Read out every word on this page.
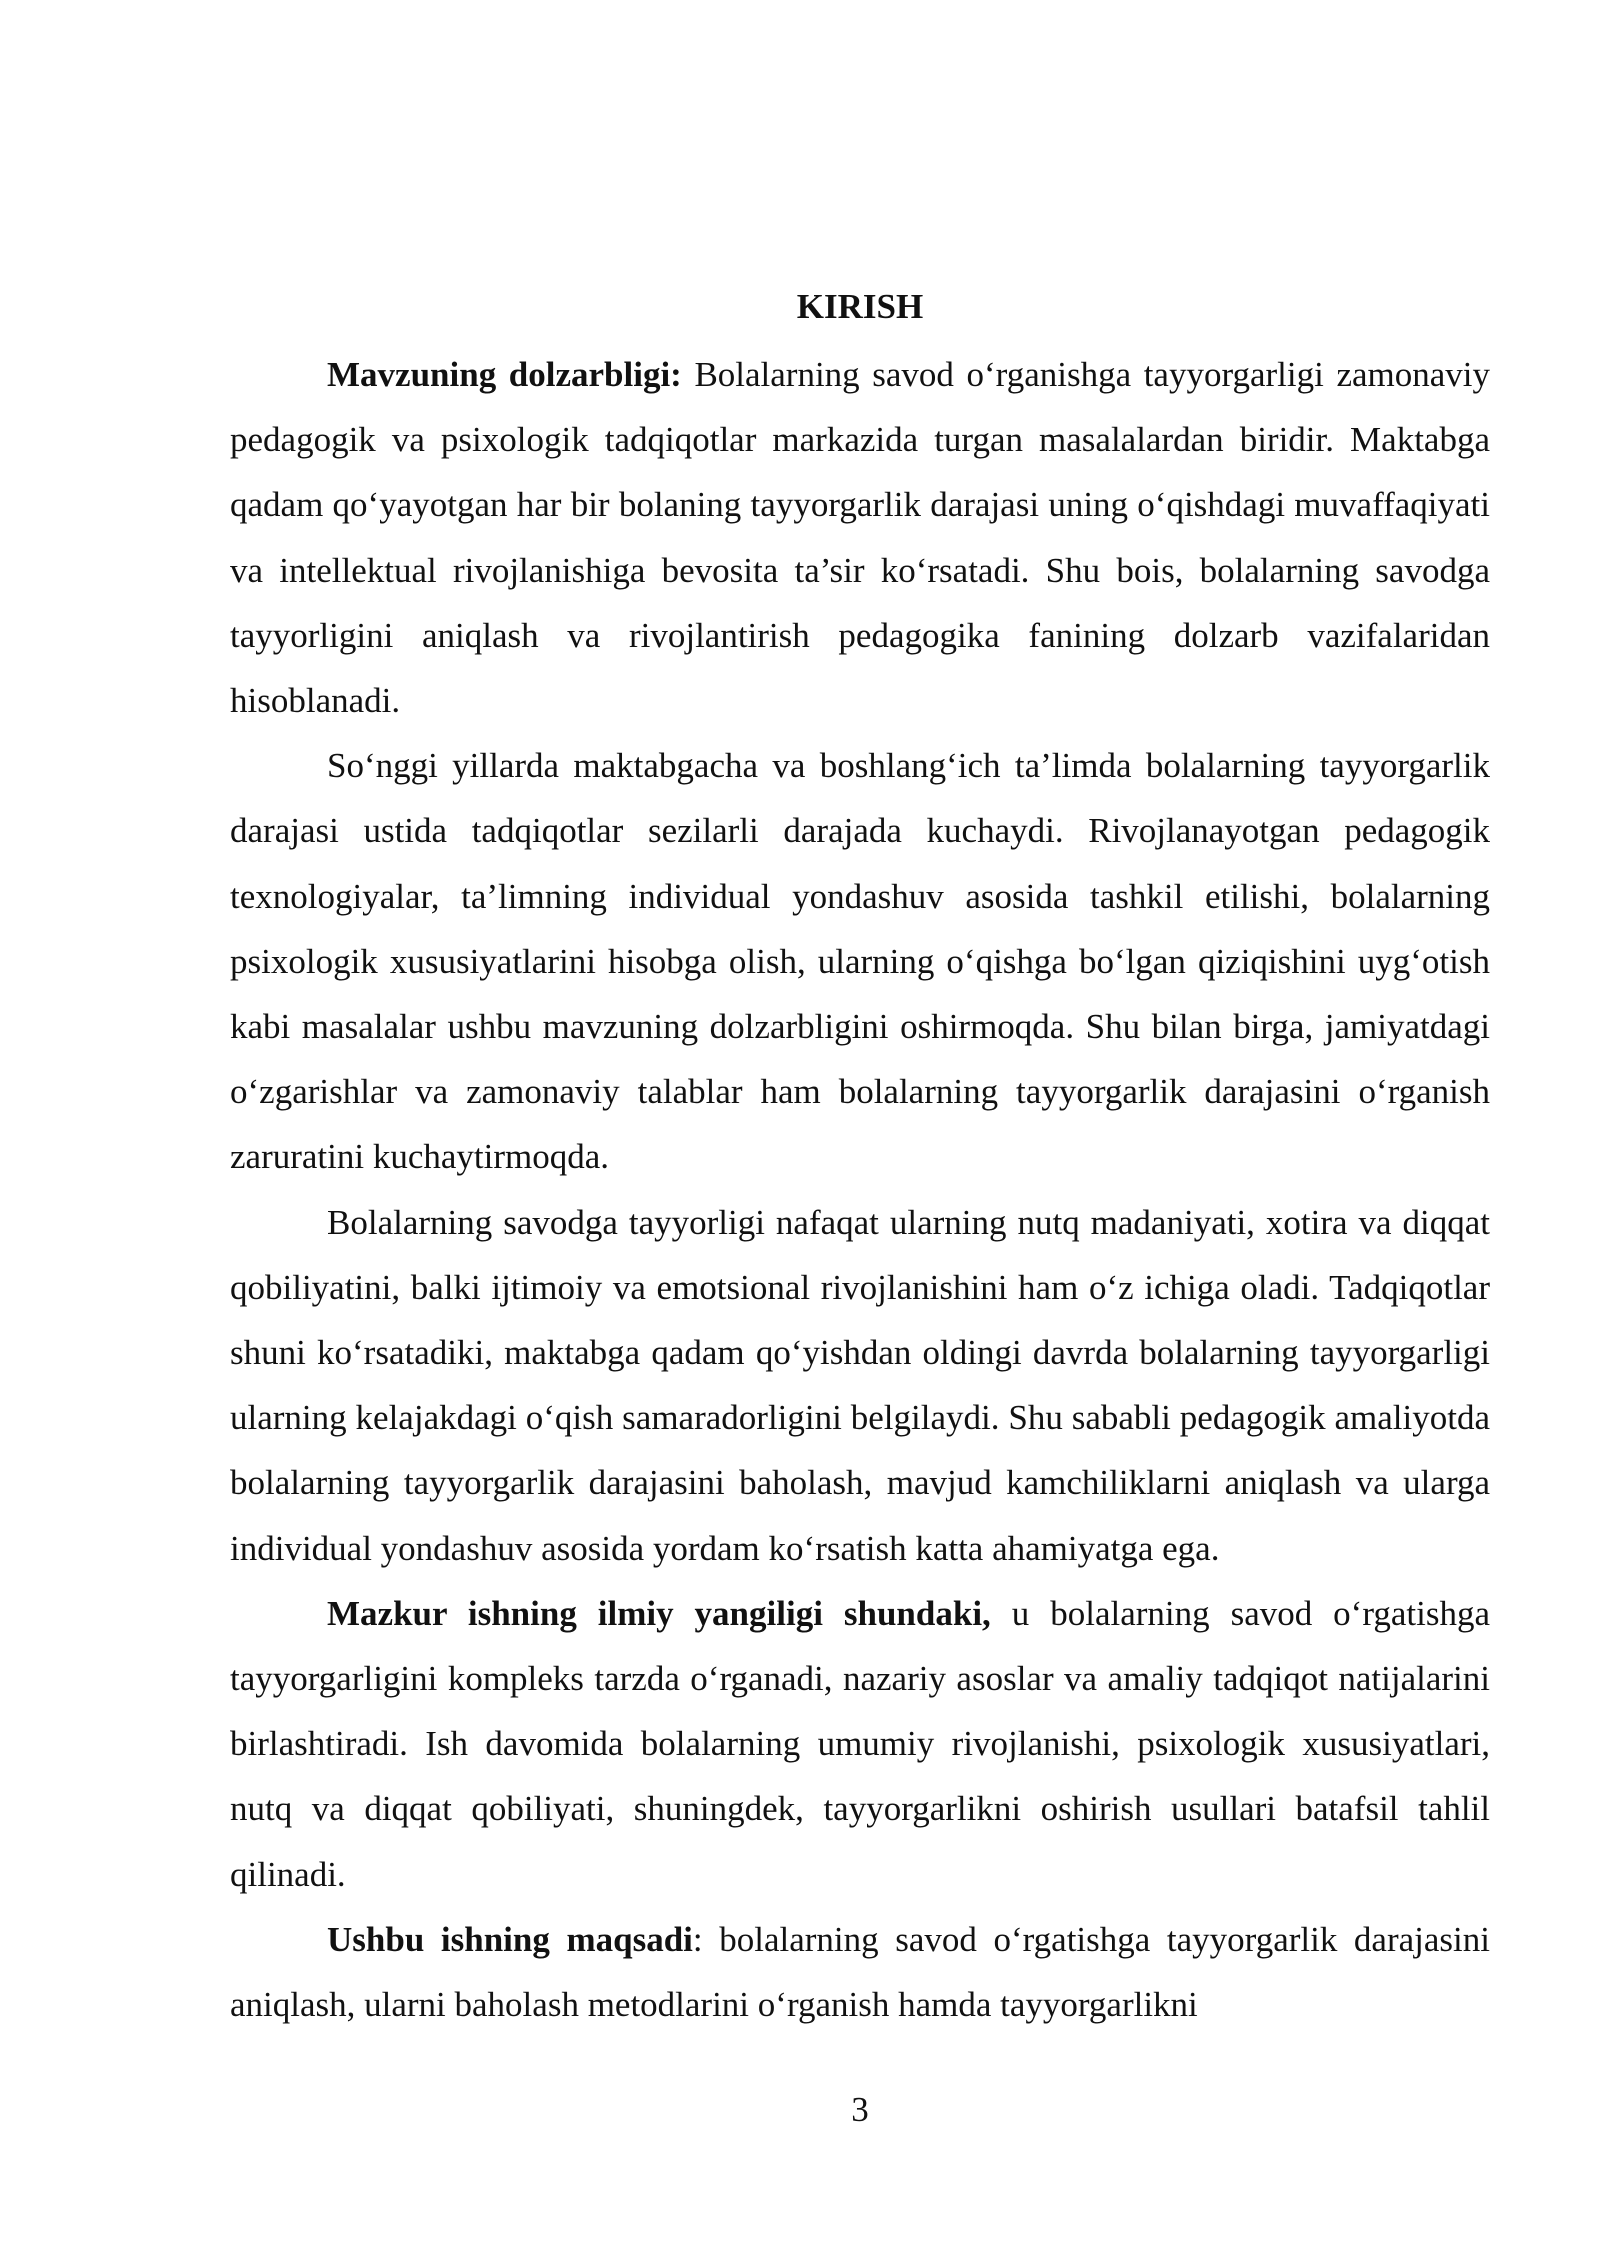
KIRISH

Mavzuning dolzarbligi: Bolalarning savod o‘rganishga tayyorgarligi zamonaviy pedagogik va psixologik tadqiqotlar markazida turgan masalalardan biridir. Maktabga qadam qo‘yayotgan har bir bolaning tayyorgarlik darajasi uning o‘qishdagi muvaffaqiyati va intellektual rivojlanishiga bevosita ta’sir ko‘rsatadi. Shu bois, bolalarning savodga tayyorligini aniqlash va rivojlantirish pedagogika fanining dolzarb vazifalaridan hisoblanadi.

So‘nggi yillarda maktabgacha va boshlang‘ich ta’limda bolalarning tayyorgarlik darajasi ustida tadqiqotlar sezilarli darajada kuchaydi. Rivojlanayotgan pedagogik texnologiyalar, ta’limning individual yondashuv asosida tashkil etilishi, bolalarning psixologik xususiyatlarini hisobga olish, ularning o‘qishga bo‘lgan qiziqishini uyg‘otish kabi masalalar ushbu mavzuning dolzarbligini oshirmoqda. Shu bilan birga, jamiyatdagi o‘zgarishlar va zamonaviy talablar ham bolalarning tayyorgarlik darajasini o‘rganish zaruratini kuchaytirmoqda.

Bolalarning savodga tayyorligi nafaqat ularning nutq madaniyati, xotira va diqqat qobiliyatini, balki ijtimoiy va emotsional rivojlanishini ham o‘z ichiga oladi. Tadqiqotlar shuni ko‘rsatadiki, maktabga qadam qo‘yishdan oldingi davrda bolalarning tayyorgarligi ularning kelajakdagi o‘qish samaradorligini belgilaydi. Shu sababli pedagogik amaliyotda bolalarning tayyorgarlik darajasini baholash, mavjud kamchiliklarni aniqlash va ularga individual yondashuv asosida yordam ko‘rsatish katta ahamiyatga ega.

Mazkur ishning ilmiy yangiligi shundaki, u bolalarning savod o‘rgatishga tayyorgarligini kompleks tarzda o‘rganadi, nazariy asoslar va amaliy tadqiqot natijalarini birlashtiradi. Ish davomida bolalarning umumiy rivojlanishi, psixologik xususiyatlari, nutq va diqqat qobiliyati, shuningdek, tayyorgarlikni oshirish usullari batafsil tahlil qilinadi.

Ushbu ishning maqsadi: bolalarning savod o‘rgatishga tayyorgarlik darajasini aniqlash, ularni baholash metodlarini o‘rganish hamda tayyorgarlikni

3
